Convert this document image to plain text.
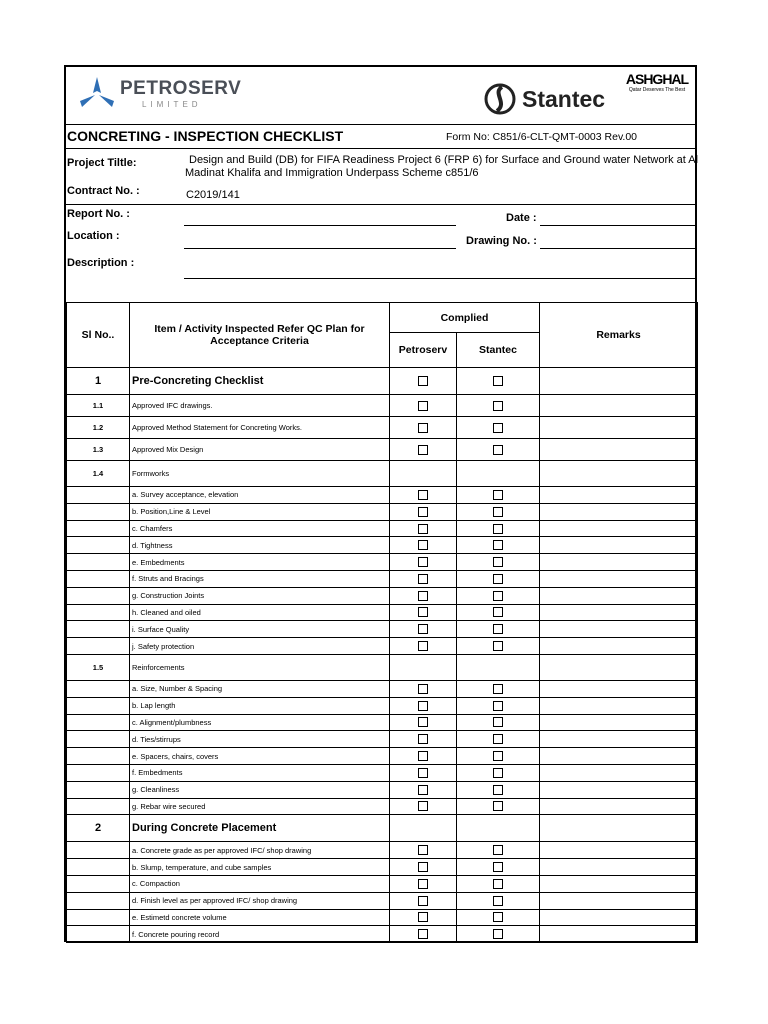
PETROSERV
LIMITED	Stantec
ASHGHAL
Qatar Deserves The Best
CONCRETING - INSPECTION CHECKLIST	Form No: C851/6-CLT-QMT-0003 Rev.00
Project Tiltle:	Design and Build (DB) for FIFA Readiness Project 6 (FRP 6) for Surface and Ground water Network at Al Madinat Khalifa and Immigration Underpass Scheme c851/6
Contract No. :	C2019/141
Report No. :	Date :
Location :	Drawing No. :
Description :
Sl No..	Item / Activity Inspected Refer QC Plan for Acceptance Criteria	Complied		Remarks
		Petroserv	Stantec	
1	Pre-Concreting Checklist			
1.1	Approved IFC drawings.			
1.2	Approved Method Statement for Concreting Works.			
1.3	Approved Mix Design			
1.4	Formworks			
	a. Survey acceptance, elevation			
	b. Position,Line & Level			
	c. Chamfers			
	d. Tightness			
	e. Embedments			
	f. Struts and Bracings			
	g. Construction Joints			
	h. Cleaned and oiled			
	i. Surface Quality			
	j. Safety protection			
1.5	Reinforcements			
	a. Size, Number & Spacing			
	b. Lap length			
	c. Alignment/plumbness			
	d. Ties/stirrups			
	e. Spacers, chairs, covers			
	f. Embedments			
	g. Cleanliness			
	g. Rebar wire secured			
2	During Concrete Placement			
	a. Concrete grade as per approved IFC/ shop drawing			
	b. Slump, temperature, and cube samples			
	c. Compaction			
	d. Finish level as per approved IFC/ shop drawing			
	e. Estimetd concrete volume			
	f. Concrete pouring record			
